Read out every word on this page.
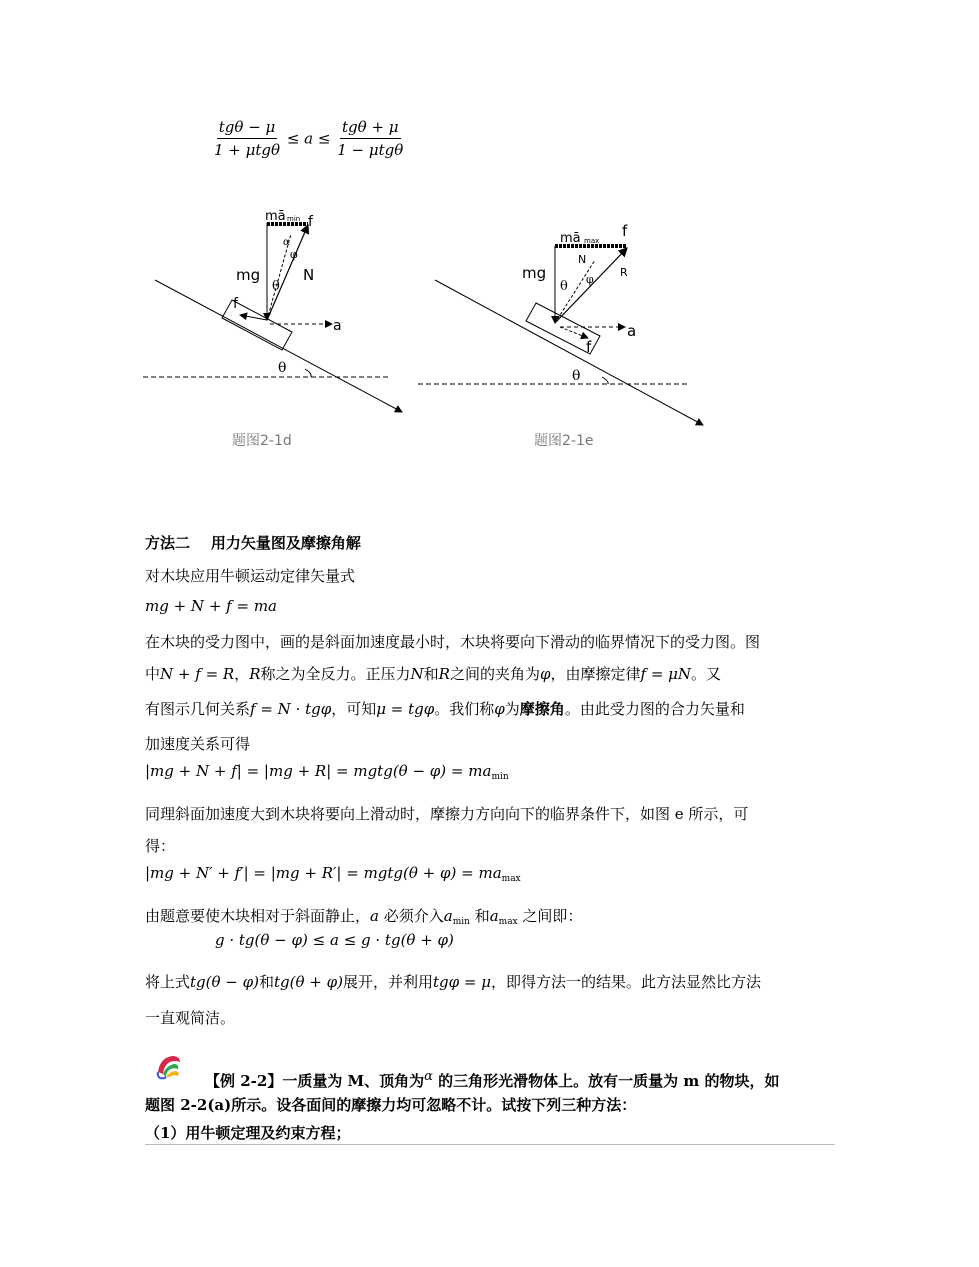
$\frac{\text{tgθ − μ}}{\text{1 + μtgθ}} \le a \le \frac{\text{tgθ + μ}}{\text{1 − μtgθ}}$
mā min f
α
φ
mg
θ
N
f
a
θ
mā max
f
N
mg
θ φ
R
a
f
θ
题图2-1d	题图2-1e
方法二    用力矢量图及摩擦角解
对木块应用牛顿运动定律矢量式
mg + N + f = ma
在木块的受力图中，画的是斜面加速度最小时，木块将要向下滑动的临界情况下的受力图。图
中N + f = R，R称之为全反力。正压力N和R之间的夹角为φ，由摩擦定律f = μN。又
有图示几何关系f = N · tgφ，可知μ = tgφ。我们称φ为摩擦角。由此受力图的合力矢量和
加速度关系可得
|mg + N + f| = |mg + R| = mgtg(θ − $\varphi) = ma_{min}$
同理斜面加速度大到木块将要向上滑动时，摩擦力方向向下的临界条件下，如图 e 所示，可
得：
|mg + N′ + f′| = |mg + R′| = mgtg(θ + $\varphi) = ma_{max}$
由题意要使木块相对于斜面静止，a 必须介入$a_{min}$ 和$a_{max}$ 之间即：
g · tg(θ − φ) ≤ a ≤ g · tg(θ + φ)
将上式tg(θ − φ)和tg(θ + φ)展开，并利用tgφ = μ，即得方法一的结果。此方法显然比方法
一直观简洁。
【例 2-2】一质量为 M、顶角为α 的三角形光滑物体上。放有一质量为 m 的物块，如
题图 2-2(a)所示。设各面间的摩擦力均可忽略不计。试按下列三种方法：
（1）用牛顿定理及约束方程；
